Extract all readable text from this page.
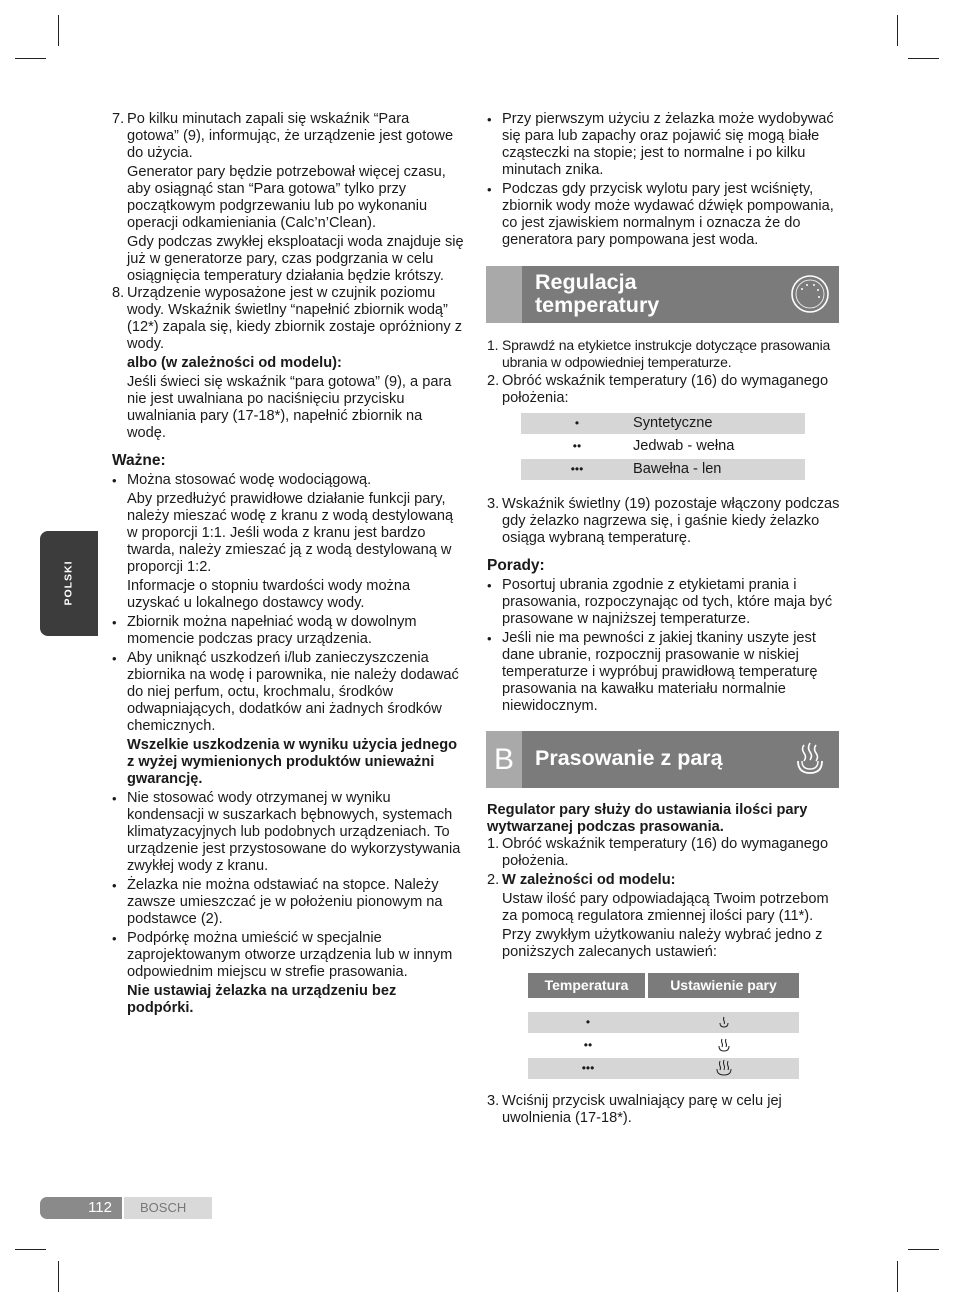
POLSKI
7. Po kilku minutach zapali się wskaźnik “Para gotowa” (9), informując, że urządzenie jest gotowe do użycia.

Generator pary będzie potrzebował więcej czasu, aby osiągnąć stan “Para gotowa” tylko przy początkowym podgrzewaniu lub po wykonaniu operacji odkamieniania (Calc’n’Clean).

Gdy podczas zwykłej eksploatacji woda znajduje się już w generatorze pary, czas podgrzania w celu osiągnięcia temperatury działania będzie krótszy.

8. Urządzenie wyposażone jest w czujnik poziomu wody. Wskaźnik świetlny “napełnić zbiornik wodą” (12*) zapala się, kiedy zbiornik zostaje opróżniony z wody.

albo (w zależności od modelu):

Jeśli świeci się wskaźnik “para gotowa” (9), a para nie jest uwalniana po naciśnięciu przycisku uwalniania pary (17-18*), napełnić zbiornik na wodę.

Ważne:

• Można stosować wodę wodociągową.

Aby przedłużyć prawidłowe działanie funkcji pary, należy mieszać wodę z kranu z wodą destylowaną w proporcji 1:1. Jeśli woda z kranu jest bardzo twarda, należy zmieszać ją z wodą destylowaną w proporcji 1:2.

Informacje o stopniu twardości wody można uzyskać u lokalnego dostawcy wody.

• Zbiornik można napełniać wodą w dowolnym momencie podczas pracy urządzenia.

• Aby uniknąć uszkodzeń i/lub zanieczyszczenia zbiornika na wodę i parownika, nie należy dodawać do niej perfum, octu, krochmalu, środków odwapniających, dodatków ani żadnych środków chemicznych.

Wszelkie uszkodzenia w wyniku użycia jednego z wyżej wymienionych produktów unieważni gwarancję.

• Nie stosować wody otrzymanej w wyniku kondensacji w suszarkach bębnowych, systemach klimatyzacyjnych lub podobnych urządzeniach. To urządzenie jest przystosowane do wykorzystywania zwykłej wody z kranu.

• Żelazka nie można odstawiać na stopce. Należy zawsze umieszczać je w położeniu pionowym na podstawce (2).

• Podpórkę można umieścić w specjalnie zaprojektowanym otworze urządzenia lub w innym odpowiednim miejscu w strefie prasowania.

Nie ustawiaj żelazka na urządzeniu bez podpórki.

• Przy pierwszym użyciu z żelazka może wydobywać się para lub zapachy oraz pojawić się mogą białe cząsteczki na stopie; jest to normalne i po kilku minutach znika.

• Podczas gdy przycisk wylotu pary jest wciśnięty, zbiornik wody może wydawać dźwięk pompowania, co jest zjawiskiem normalnym i oznacza że do generatora pary pompowana jest woda.

Regulacja
temperatury
1. Sprawdź na etykietce instrukcje dotyczące prasowania ubrania w odpowiedniej temperaturze.

2. Obróć wskaźnik temperatury (16) do wymaganego położenia:

•	Syntetyczne
••	Jedwab - wełna
•••	Bawełna - len
3. Wskaźnik świetlny (19) pozostaje włączony podczas gdy żelazko nagrzewa się, i gaśnie kiedy żelazko osiąga wybraną temperaturę.

Porady:

• Posortuj ubrania zgodnie z etykietami prania i prasowania, rozpoczynając od tych, które maja być prasowane w najniższej temperaturze.

• Jeśli nie ma pewności z jakiej tkaniny uszyte jest dane ubranie, rozpocznij prasowanie w niskiej temperaturze i wypróbuj prawidłową temperaturę prasowania na kawałku materiału normalnie niewidocznym.

B Prasowanie z parą

Regulator pary służy do ustawiania ilości pary wytwarzanej podczas prasowania.

1. Obróć wskaźnik temperatury (16) do wymaganego położenia.

2. W zależności od modelu:

Ustaw ilość pary odpowiadającą Twoim potrzebom za pomocą regulatora zmiennej ilości pary (11*).

Przy zwykłym użytkowaniu należy wybrać jedno z poniższych zalecanych ustawień:

Temperatura	Ustawienie pary
•
••
•••
3. Wciśnij przycisk uwalniający parę w celu jej uwolnienia (17-18*).

112 BOSCH
